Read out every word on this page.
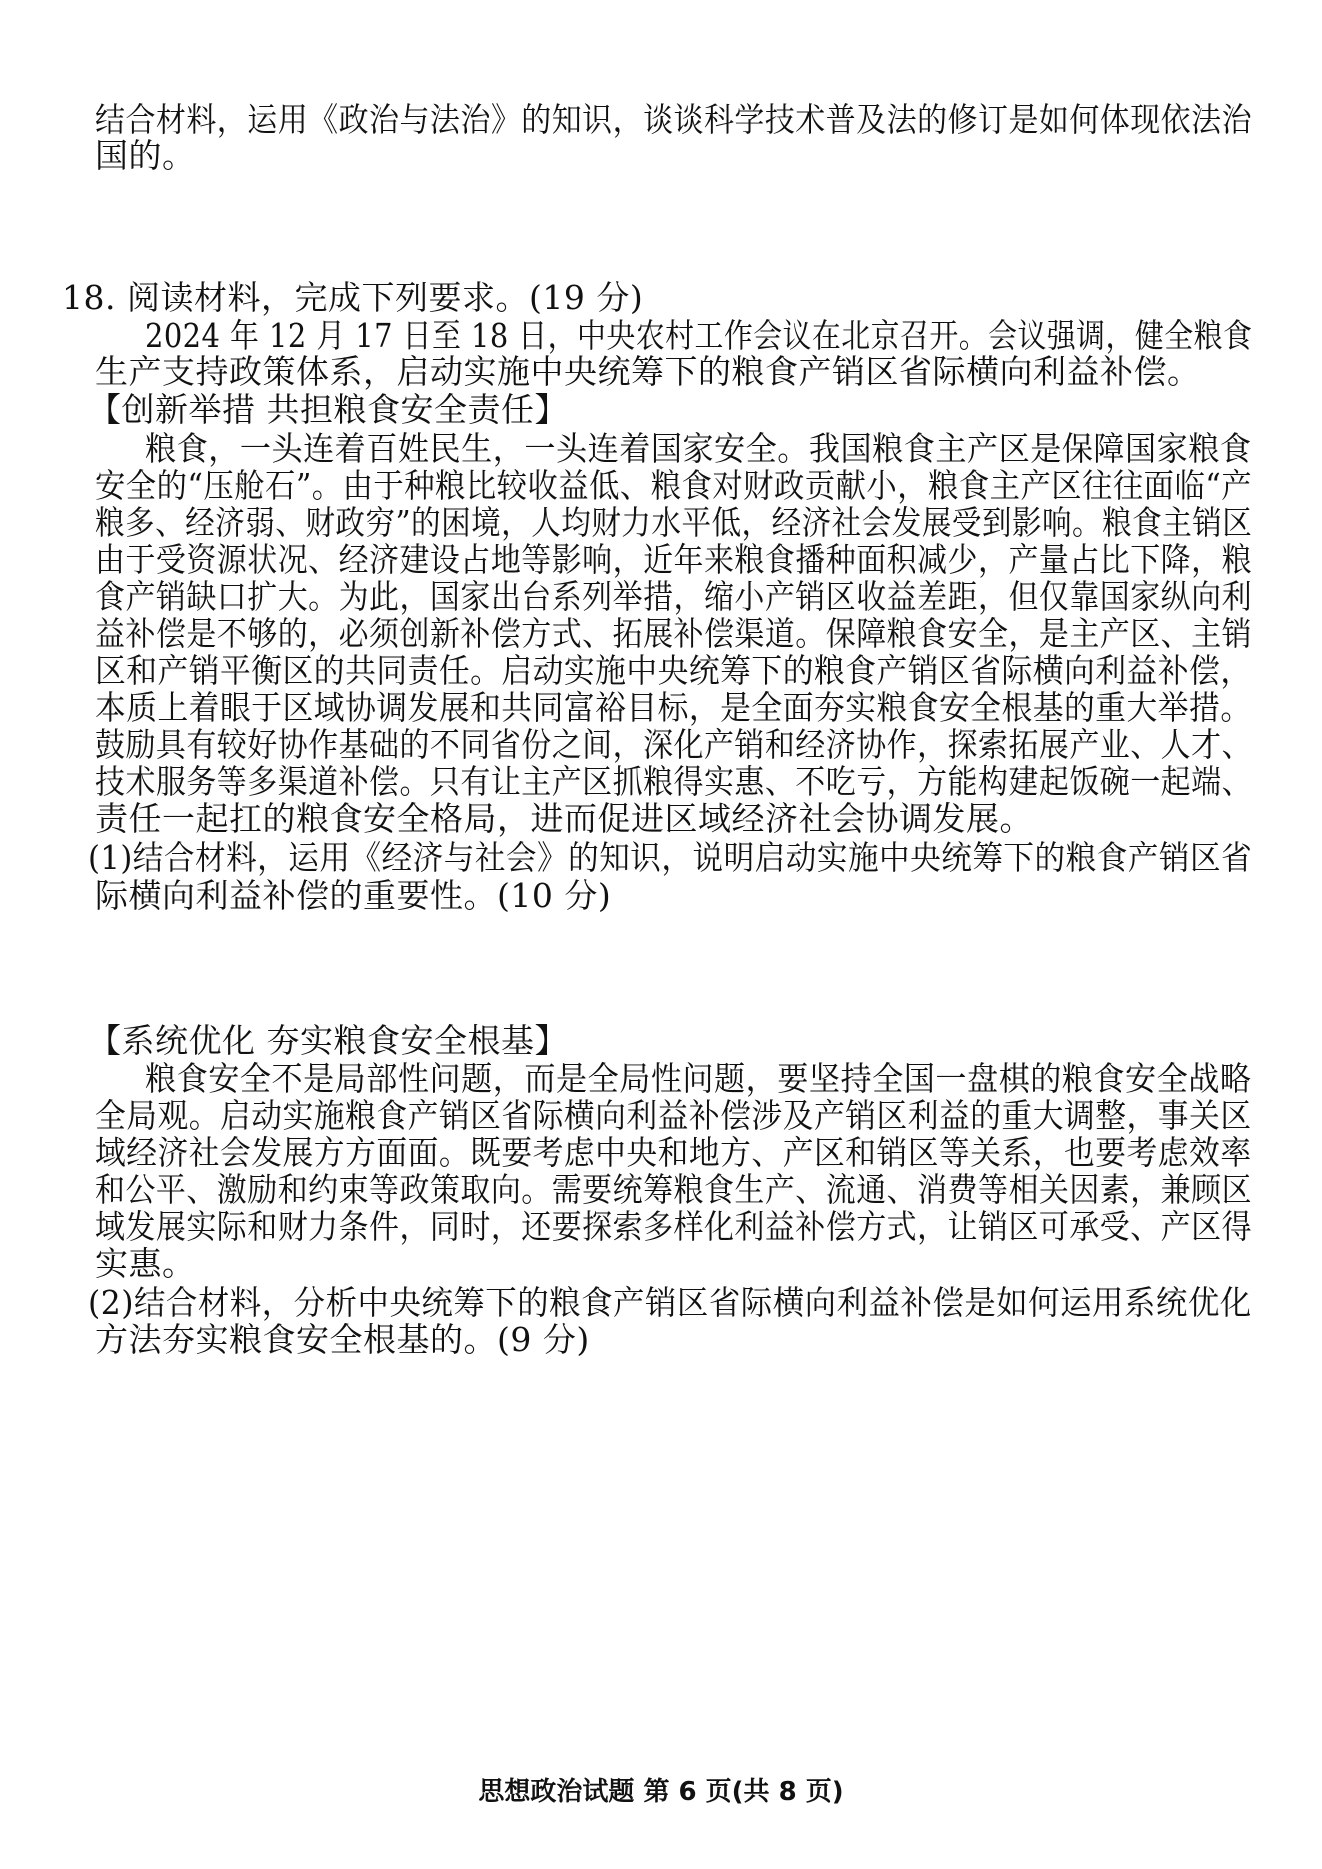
结合材料，运用《政治与法治》的知识，谈谈科学技术普及法的修订是如何体现依法治
国的。
18. 阅读材料，完成下列要求。(19 分)
2024 年 12 月 17 日至 18 日，中央农村工作会议在北京召开。会议强调，健全粮食
生产支持政策体系，启动实施中央统筹下的粮食产销区省际横向利益补偿。
【创新举措 共担粮食安全责任】
粮食，一头连着百姓民生，一头连着国家安全。我国粮食主产区是保障国家粮食
安全的“压舱石”。由于种粮比较收益低、粮食对财政贡献小，粮食主产区往往面临“产
粮多、经济弱、财政穷”的困境，人均财力水平低，经济社会发展受到影响。粮食主销区
由于受资源状况、经济建设占地等影响，近年来粮食播种面积减少，产量占比下降，粮
食产销缺口扩大。为此，国家出台系列举措，缩小产销区收益差距，但仅靠国家纵向利
益补偿是不够的，必须创新补偿方式、拓展补偿渠道。保障粮食安全，是主产区、主销
区和产销平衡区的共同责任。启动实施中央统筹下的粮食产销区省际横向利益补偿，
本质上着眼于区域协调发展和共同富裕目标，是全面夯实粮食安全根基的重大举措。
鼓励具有较好协作基础的不同省份之间，深化产销和经济协作，探索拓展产业、人才、
技术服务等多渠道补偿。只有让主产区抓粮得实惠、不吃亏，方能构建起饭碗一起端、
责任一起扛的粮食安全格局，进而促进区域经济社会协调发展。
(1)结合材料，运用《经济与社会》的知识，说明启动实施中央统筹下的粮食产销区省
际横向利益补偿的重要性。(10 分)
【系统优化 夯实粮食安全根基】
粮食安全不是局部性问题，而是全局性问题，要坚持全国一盘棋的粮食安全战略
全局观。启动实施粮食产销区省际横向利益补偿涉及产销区利益的重大调整，事关区
域经济社会发展方方面面。既要考虑中央和地方、产区和销区等关系，也要考虑效率
和公平、激励和约束等政策取向。需要统筹粮食生产、流通、消费等相关因素，兼顾区
域发展实际和财力条件，同时，还要探索多样化利益补偿方式，让销区可承受、产区得
实惠。
(2)结合材料，分析中央统筹下的粮食产销区省际横向利益补偿是如何运用系统优化
方法夯实粮食安全根基的。(9 分)
思想政治试题 第 6 页(共 8 页)
